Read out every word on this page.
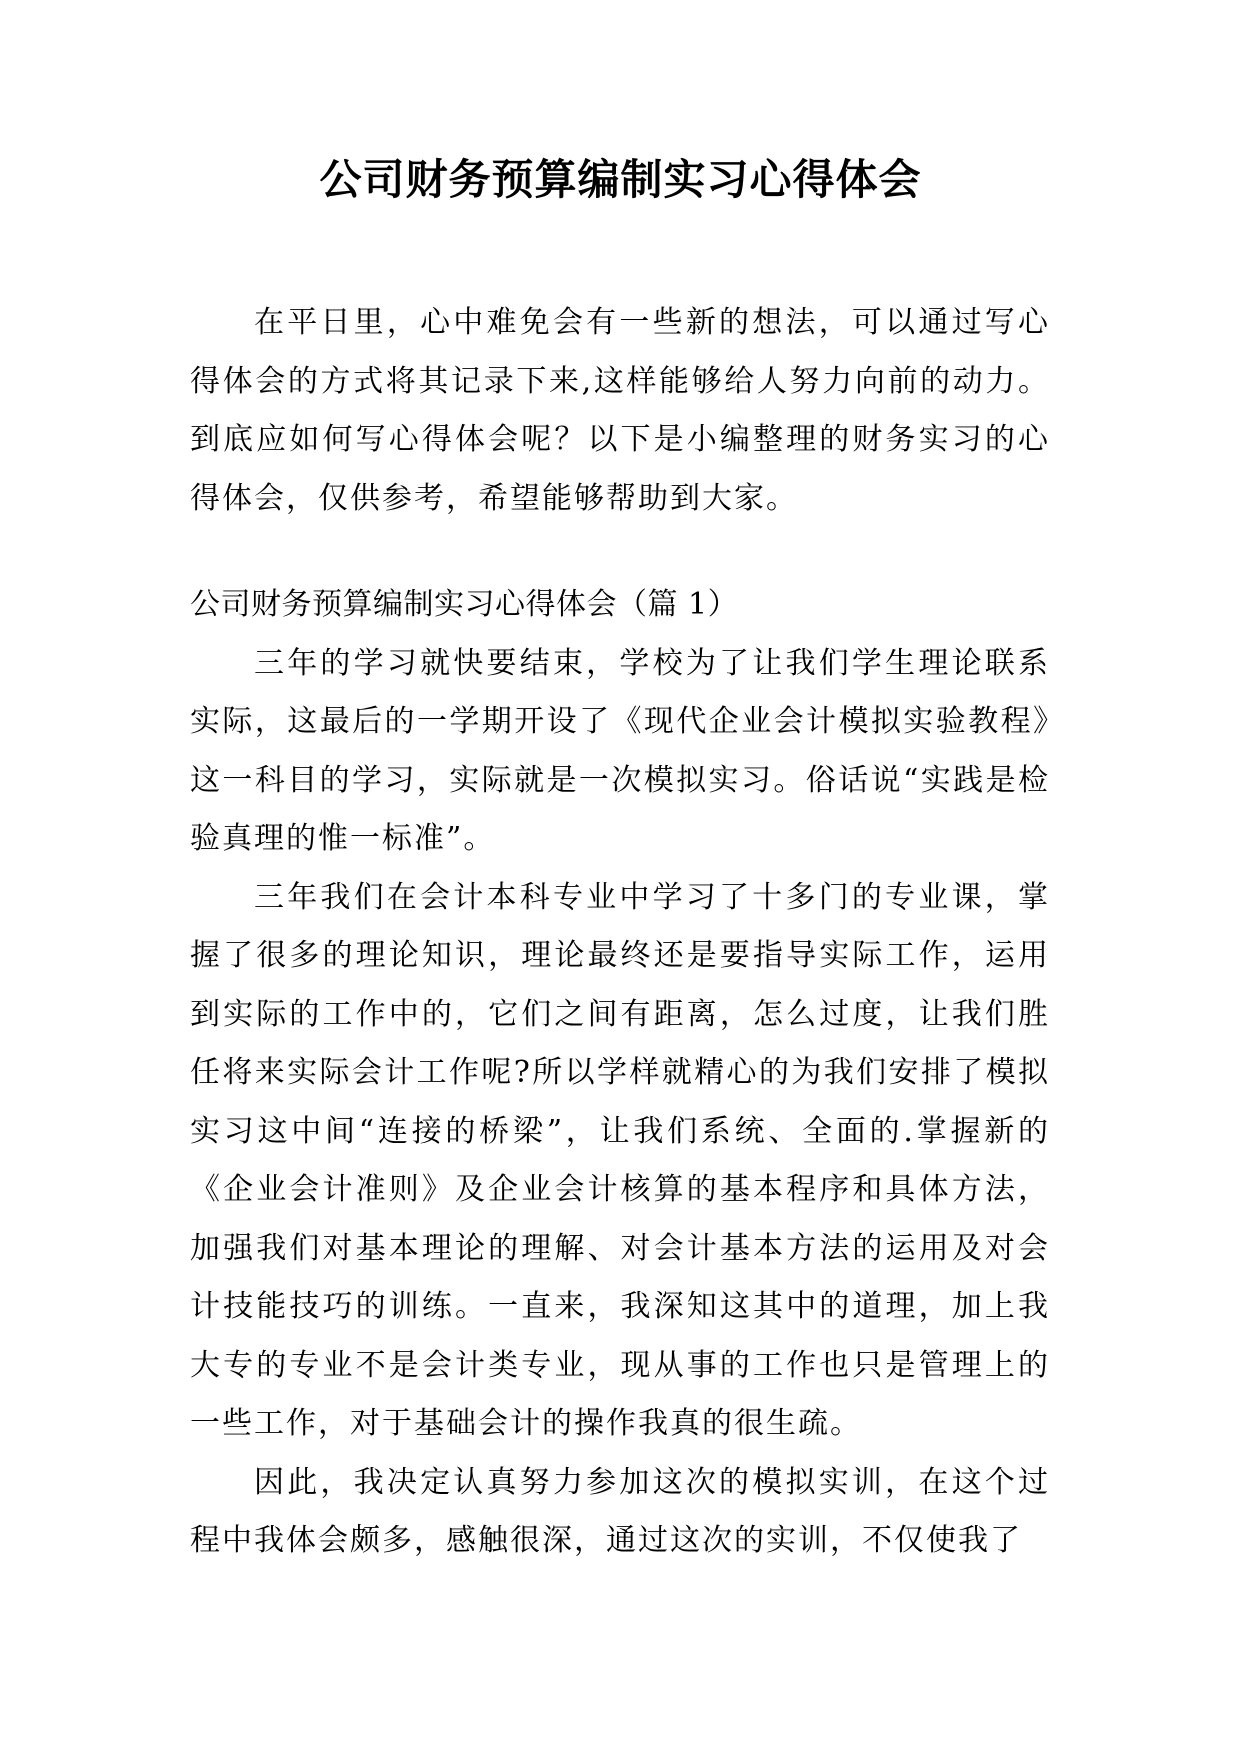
公司财务预算编制实习心得体会

在平日里，心中难免会有一些新的想法，可以通过写心得体会的方式将其记录下来,这样能够给人努力向前的动力。到底应如何写心得体会呢？以下是小编整理的财务实习的心得体会，仅供参考，希望能够帮助到大家。

公司财务预算编制实习心得体会（篇 1）

三年的学习就快要结束，学校为了让我们学生理论联系实际，这最后的一学期开设了《现代企业会计模拟实验教程》这一科目的学习，实际就是一次模拟实习。俗话说“实践是检验真理的惟一标准”。

三年我们在会计本科专业中学习了十多门的专业课，掌握了很多的理论知识，理论最终还是要指导实际工作，运用到实际的工作中的，它们之间有距离，怎么过度，让我们胜任将来实际会计工作呢?所以学样就精心的为我们安排了模拟实习这中间“连接的桥梁”，让我们系统、全面的.掌握新的《企业会计准则》及企业会计核算的基本程序和具体方法，加强我们对基本理论的理解、对会计基本方法的运用及对会计技能技巧的训练。一直来，我深知这其中的道理，加上我大专的专业不是会计类专业，现从事的工作也只是管理上的一些工作，对于基础会计的操作我真的很生疏。

因此，我决定认真努力参加这次的模拟实训，在这个过程中我体会颇多，感触很深，通过这次的实训，不仅使我了
